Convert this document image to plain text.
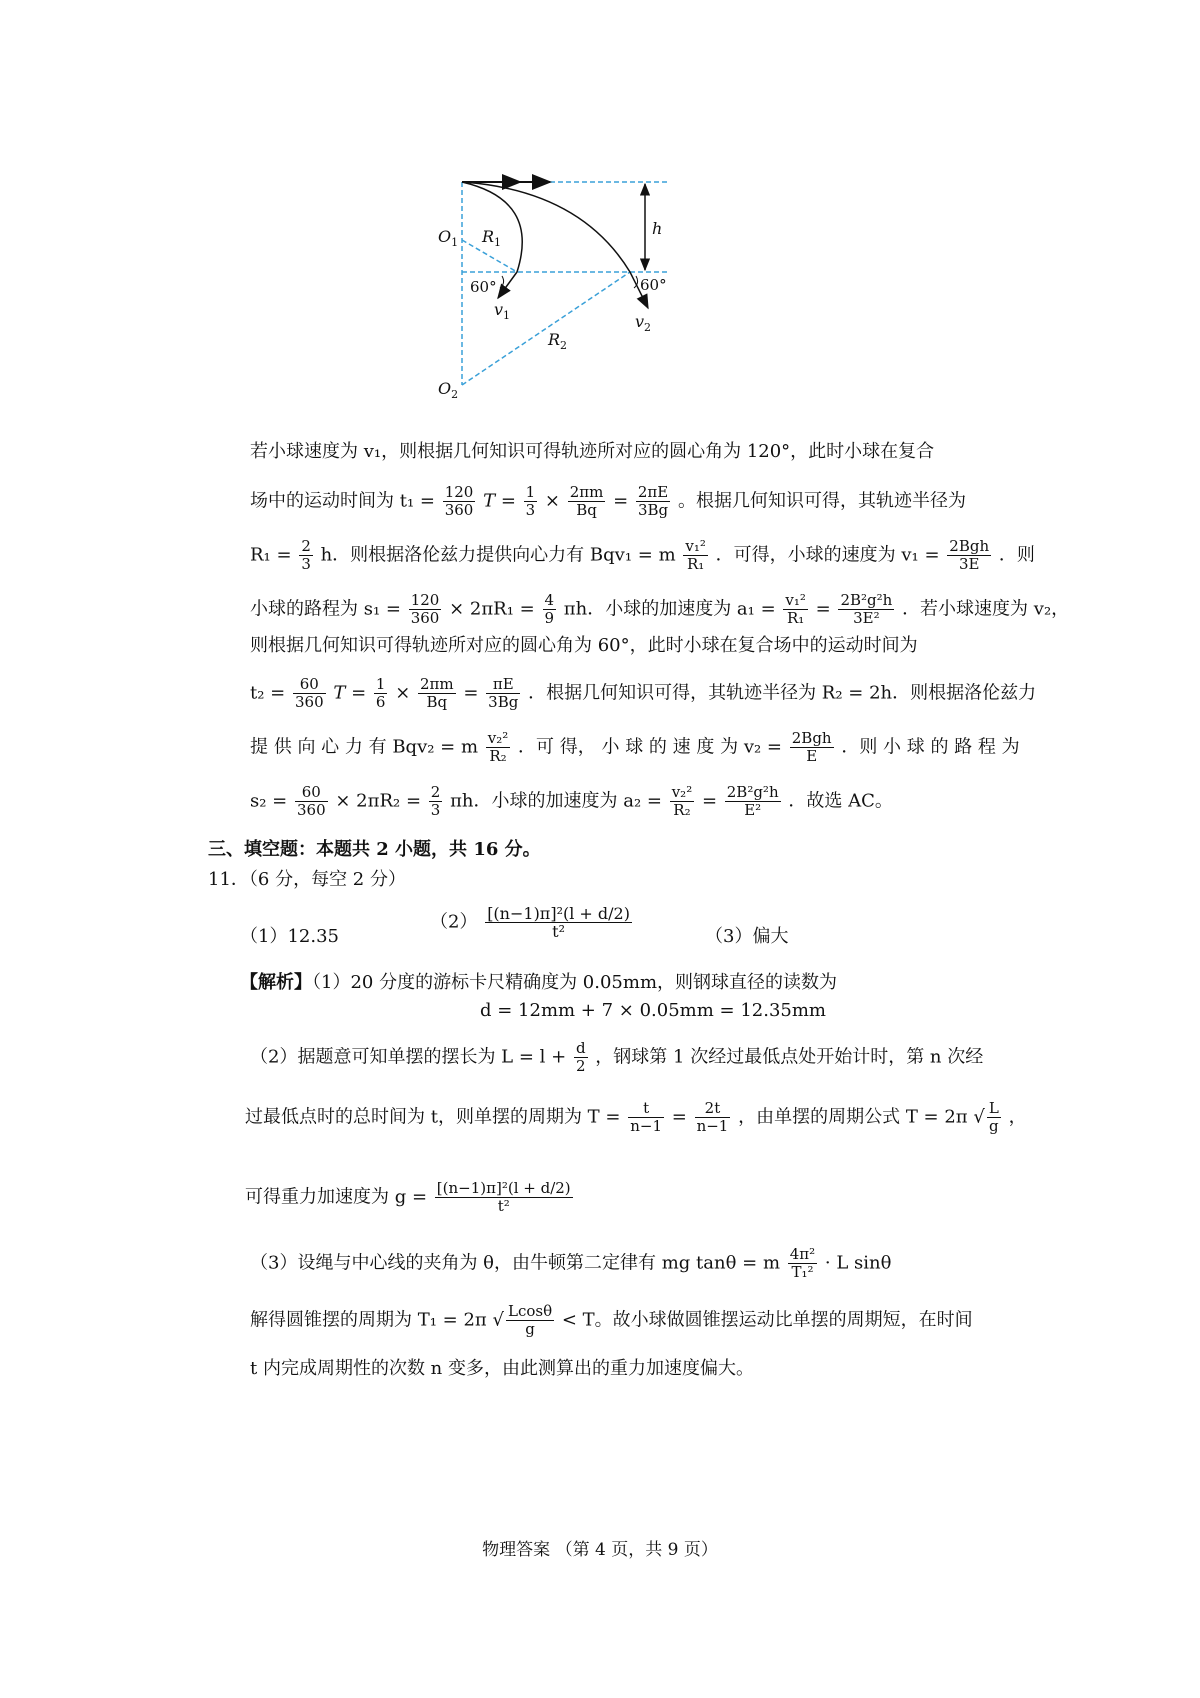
$O_1$
$O_2$
$R_1$
$R_2$
h
60°	60°
$v_1$	$v_2$
若小球速度为 v₁，则根据几何知识可得轨迹所对应的圆心角为 120°，此时小球在复合
场中的运动时间为 $t_1 = \frac{120}{360}$ $T = \frac{1}{3} \times \frac{2\pi m}{Bq} = \frac{2\pi E}{3Bg}$ 。根据几何知识可得，其轨迹半径为
$R_1 = \frac{2}{3}$ h．则根据洛伦兹力提供向心力有 Bqv₁ = m $\frac{\text{v₁²}}{\text{R₁}}$ ．可得，小球的速度为 $v_1 = \frac{\text{2Bgh}}{3E}$ ．则
小球的路程为 $s_1 = \frac{120}{360} \times 2\pi R_1 = \frac{4}{9}$ πh．小球的加速度为 $a_1 = \frac{\text{v₁²}}{\text{R₁}} = \frac{\text{2B²g²h}}{\text{3E²}}$ ．若小球速度为 v₂，
则根据几何知识可得轨迹所对应的圆心角为 60°，此时小球在复合场中的运动时间为
$t_2 = \frac{60}{360}$ $T = \frac{1}{6} \times \frac{2\pi m}{Bq} = \frac{\pi E}{3Bg}$ ．根据几何知识可得，其轨迹半径为 R₂ = 2h．则根据洛伦兹力
提 供 向 心 力 有 Bqv₂ = m $\frac{\text{v₂²}}{\text{R₂}}$ ．可 得， 小 球 的 速 度 为 $v_2 = \frac{\text{2Bgh}}{E}$ ．则 小 球 的 路 程 为
$s_2 = \frac{60}{360} \times 2\pi R_2 = \frac{2}{3}$ πh．小球的加速度为 $a_2 = \frac{\text{v₂²}}{\text{R₂}} = \frac{\text{2B²g²h}}{\text{E²}}$ ．故选 AC。
三、填空题：本题共 2 小题，共 16 分。
11．（6 分，每空 2 分）
（1）12.35
$(2) \frac{\text{[(n−1)π]²(l + d/2)}}{\text{t²}}$	（3）偏大
【解析】（1）20 分度的游标卡尺精确度为 0.05mm，则钢球直径的读数为
d = 12mm + 7 × 0.05mm = 12.35mm
（2）据题意可知单摆的摆长为 $L = l + \frac{d}{2}$ ，钢球第 1 次经过最低点处开始计时，第 n 次经
过最低点时的总时间为 t，则单摆的周期为 $T = \frac{t}{n-1} = \frac{2t}{n-1}$ ，由单摆的周期公式 T = 2π √ $\frac{L}{g}$ ，
可得重力加速度为 $g = \frac{\text{[(n−1)π]²(l + d/2)}}{\text{t²}}$
（3）设绳与中心线的夹角为 θ，由牛顿第二定律有 mg tanθ = m $\frac{\text{4π²}}{\text{T₁²}} \cdot L$ sinθ
解得圆锥摆的周期为 T₁ = 2π √ $\frac{Lcos\theta}{g} < T$。故小球做圆锥摆运动比单摆的周期短，在时间
t 内完成周期性的次数 n 变多，由此测算出的重力加速度偏大。
物理答案 （第 4 页，共 9 页）
